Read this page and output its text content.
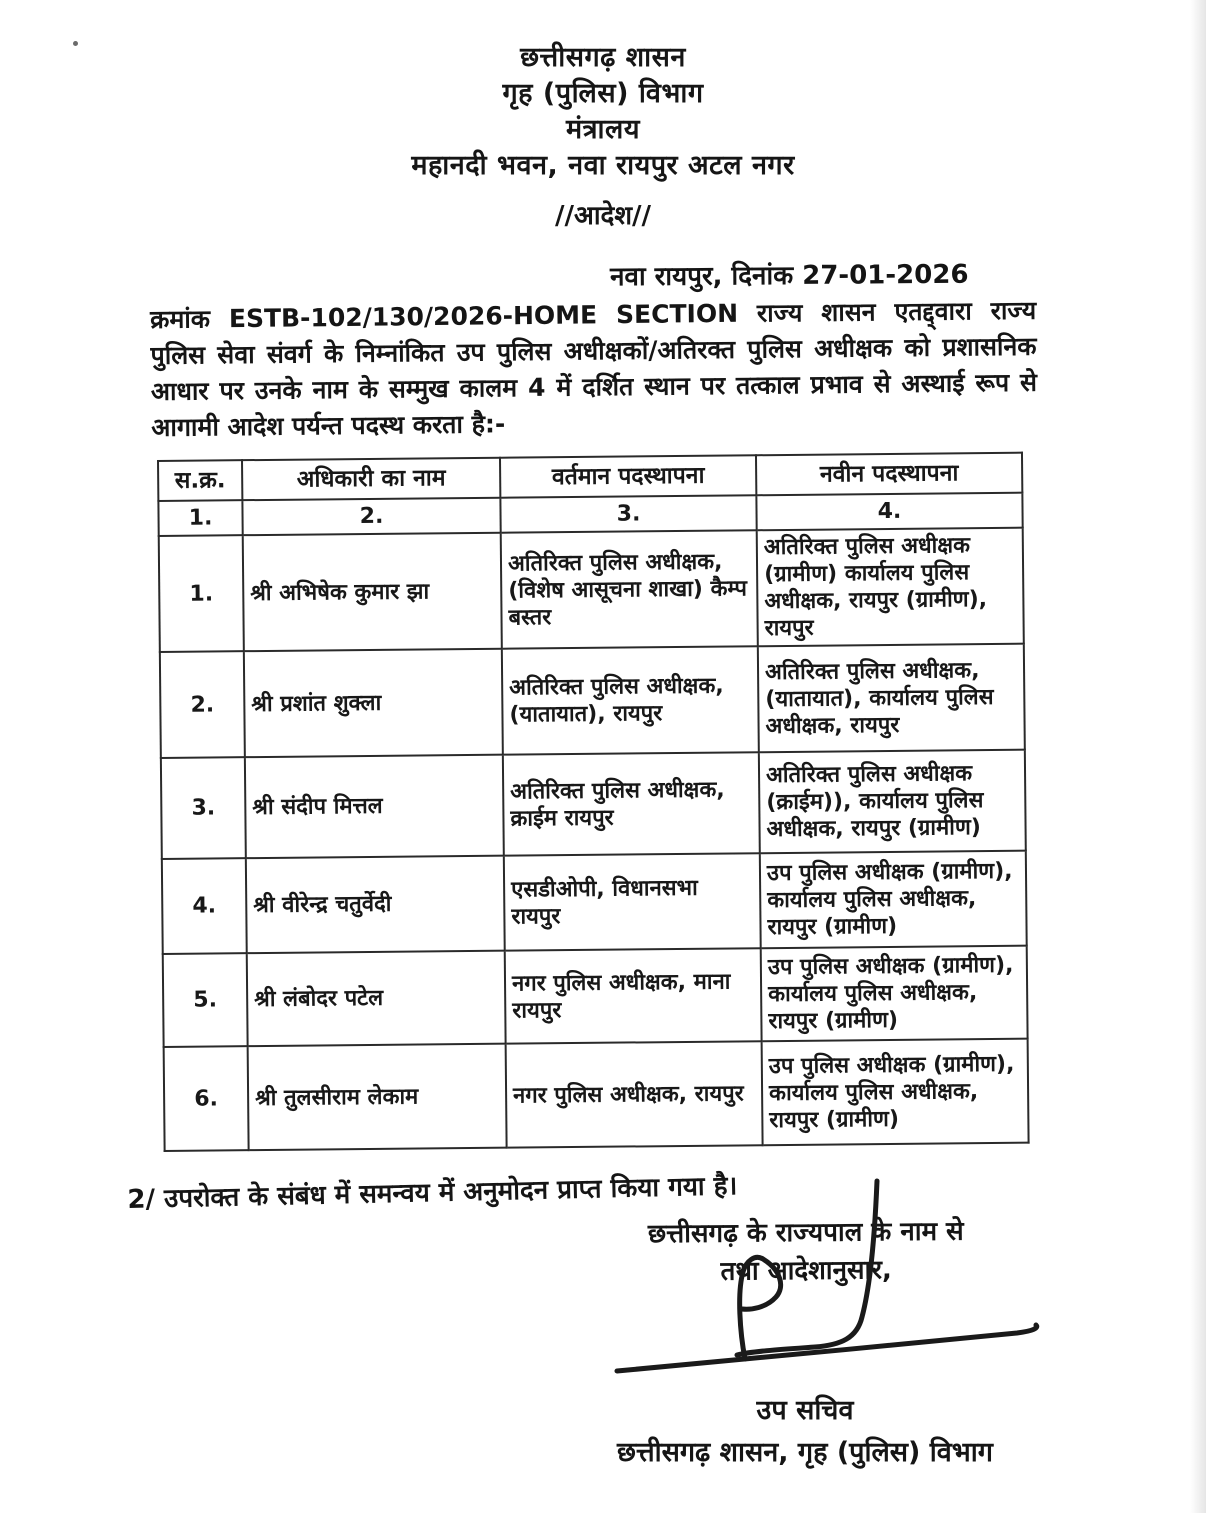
छत्तीसगढ़ शासन
गृह (पुलिस) विभाग
मंत्रालय
महानदी भवन, नवा रायपुर अटल नगर
//आदेश//
नवा रायपुर, दिनांक 27-01-2026
क्रमांक ESTB-102/130/2026-HOME SECTION राज्य शासन एतद्द्वारा राज्य पुलिस सेवा संवर्ग के निम्नांकित उप पुलिस अधीक्षकों/अतिरक्त पुलिस अधीक्षक को प्रशासनिक आधार पर उनके नाम के सम्मुख कालम 4 में दर्शित स्थान पर तत्काल प्रभाव से अस्थाई रूप से आगामी आदेश पर्यन्त पदस्थ करता है:-
स.क्र.	अधिकारी का नाम	वर्तमान पदस्थापना	नवीन पदस्थापना
1.	2.	3.	4.
1.	श्री अभिषेक कुमार झा	अतिरिक्त पुलिस अधीक्षक, (विशेष आसूचना शाखा) कैम्प बस्तर	अतिरिक्त पुलिस अधीक्षक (ग्रामीण) कार्यालय पुलिस अधीक्षक, रायपुर (ग्रामीण), रायपुर
2.	श्री प्रशांत शुक्ला	अतिरिक्त पुलिस अधीक्षक, (यातायात), रायपुर	अतिरिक्त पुलिस अधीक्षक, (यातायात), कार्यालय पुलिस अधीक्षक, रायपुर
3.	श्री संदीप मित्तल	अतिरिक्त पुलिस अधीक्षक, क्राईम रायपुर	अतिरिक्त पुलिस अधीक्षक (क्राईम)), कार्यालय पुलिस अधीक्षक, रायपुर (ग्रामीण)
4.	श्री वीरेन्द्र चतुर्वेदी	एसडीओपी, विधानसभा रायपुर	उप पुलिस अधीक्षक (ग्रामीण), कार्यालय पुलिस अधीक्षक, रायपुर (ग्रामीण)
5.	श्री लंबोदर पटेल	नगर पुलिस अधीक्षक, माना रायपुर	उप पुलिस अधीक्षक (ग्रामीण), कार्यालय पुलिस अधीक्षक, रायपुर (ग्रामीण)
6.	श्री तुलसीराम लेकाम	नगर पुलिस अधीक्षक, रायपुर	उप पुलिस अधीक्षक (ग्रामीण), कार्यालय पुलिस अधीक्षक, रायपुर (ग्रामीण)
2/ उपरोक्त के संबंध में समन्वय में अनुमोदन प्राप्त किया गया है।
छत्तीसगढ़ के राज्यपाल के नाम से
तथा आदेशानुसार,
उप सचिव
छत्तीसगढ़ शासन, गृह (पुलिस) विभाग
